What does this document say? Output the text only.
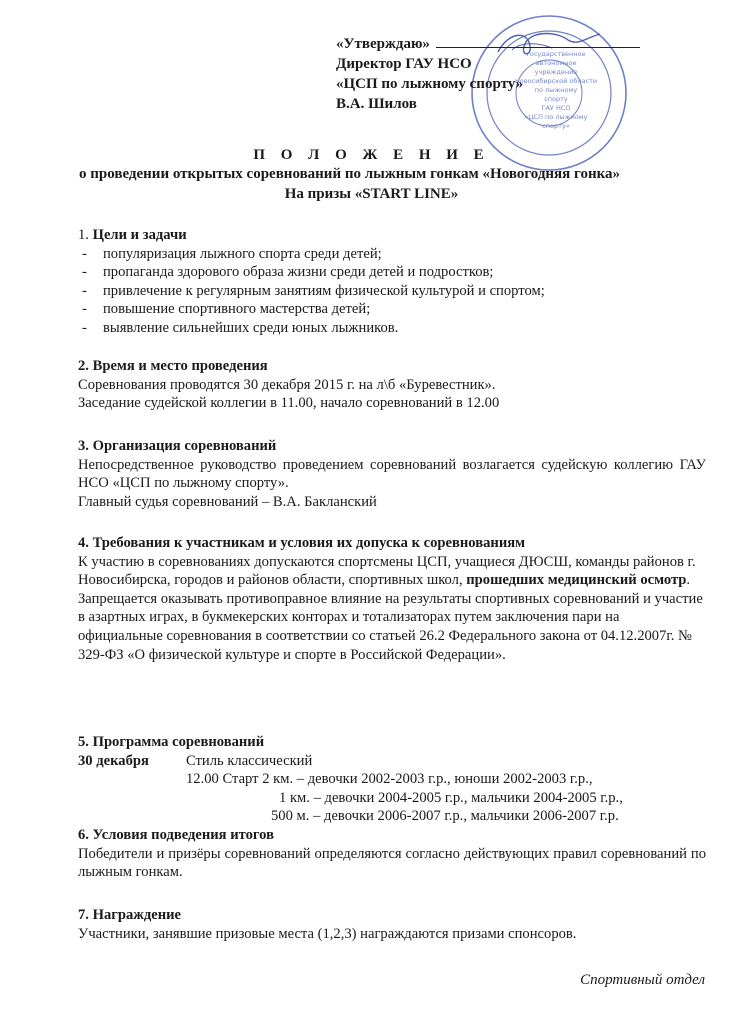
государственное
автономное
учреждение
Новосибирской области
по лыжному
спорту
ГАУ НСО
«ЦСП по лыжному
спорту»
«Утверждаю»
Директор ГАУ НСО
«ЦСП по лыжному спорту»
В.А. Шилов
П О Л О Ж Е Н И Е
о проведении открытых соревнований по лыжным гонкам «Новогодняя гонка»
На призы «START LINE»
1. Цели и задачи
- популяризация лыжного спорта среди детей;
- пропаганда здорового образа жизни среди детей и подростков;
- привлечение к регулярным занятиям физической культурой и спортом;
- повышение спортивного мастерства детей;
- выявление сильнейших среди юных лыжников.
2. Время и место проведения

Соревнования проводятся 30 декабря 2015 г. на л\б «Буревестник».

Заседание судейской коллегии в 11.00, начало соревнований в 12.00

3. Организация соревнований

Непосредственное руководство проведением соревнований возлагается судейскую коллегию ГАУ НСО «ЦСП по лыжному спорту».

Главный судья соревнований – В.А. Бакланский

4. Требования к участникам и условия их допуска к соревнованиям

К участию в соревнованиях допускаются спортсмены ЦСП, учащиеся ДЮСШ, команды районов г. Новосибирска, городов и районов области, спортивных школ, прошедших медицинский осмотр.

Запрещается оказывать противоправное влияние на результаты спортивных соревнований и участие в азартных играх, в букмекерских конторах и тотализаторах путем заключения пари на официальные соревнования в соответствии со статьей 26.2 Федерального закона от 04.12.2007г. № 329-ФЗ «О физической культуре и спорте в Российской Федерации».

5. Программа соревнований
30 декабря	Стиль классический
12.00 Старт 2 км. – девочки 2002-2003 г.р., юноши 2002-2003 г.р.,
1 км. – девочки 2004-2005 г.р., мальчики 2004-2005 г.р.,
500 м. – девочки 2006-2007 г.р., мальчики 2006-2007 г.р.
6. Условия подведения итогов

Победители и призёры соревнований определяются согласно действующих правил соревнований по лыжным гонкам.

7. Награждение

Участники, занявшие призовые места (1,2,3) награждаются призами спонсоров.

Спортивный отдел
